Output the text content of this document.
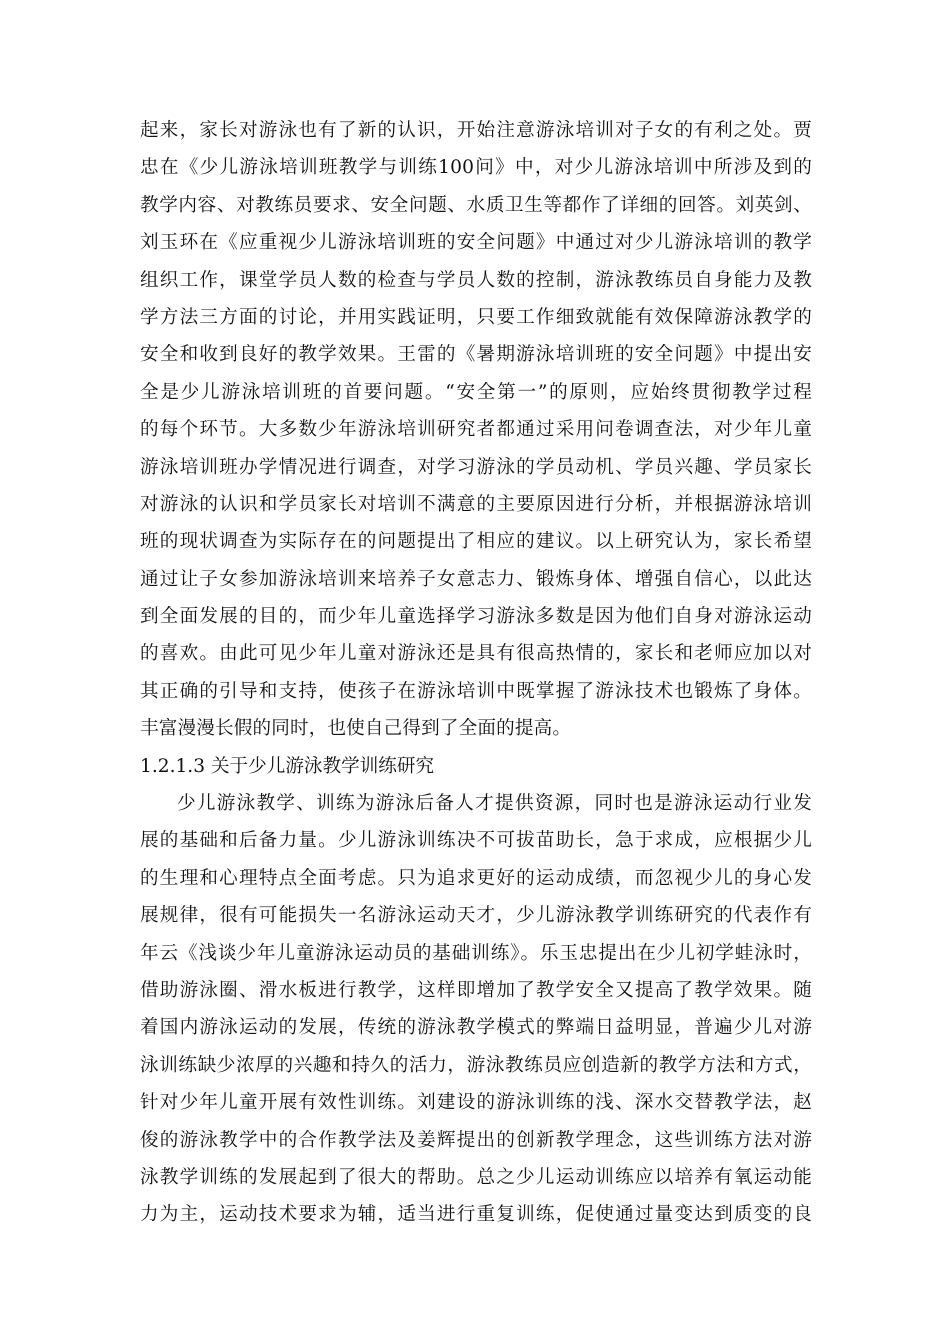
起来，家长对游泳也有了新的认识，开始注意游泳培训对子女的有利之处。贾
忠在《少儿游泳培训班教学与训练100问》中，对少儿游泳培训中所涉及到的
教学内容、对教练员要求、安全问题、水质卫生等都作了详细的回答。刘英剑、
刘玉环在《应重视少儿游泳培训班的安全问题》中通过对少儿游泳培训的教学
组织工作，课堂学员人数的检查与学员人数的控制，游泳教练员自身能力及教
学方法三方面的讨论，并用实践证明，只要工作细致就能有效保障游泳教学的
安全和收到良好的教学效果。王雷的《暑期游泳培训班的安全问题》中提出安
全是少儿游泳培训班的首要问题。“安全第一”的原则，应始终贯彻教学过程
的每个环节。大多数少年游泳培训研究者都通过采用问卷调查法，对少年儿童
游泳培训班办学情况进行调查，对学习游泳的学员动机、学员兴趣、学员家长
对游泳的认识和学员家长对培训不满意的主要原因进行分析，并根据游泳培训
班的现状调查为实际存在的问题提出了相应的建议。以上研究认为，家长希望
通过让子女参加游泳培训来培养子女意志力、锻炼身体、增强自信心，以此达
到全面发展的目的，而少年儿童选择学习游泳多数是因为他们自身对游泳运动
的喜欢。由此可见少年儿童对游泳还是具有很高热情的，家长和老师应加以对
其正确的引导和支持，使孩子在游泳培训中既掌握了游泳技术也锻炼了身体。
丰富漫漫长假的同时，也使自己得到了全面的提高。
1.2.1.3 关于少儿游泳教学训练研究
少儿游泳教学、训练为游泳后备人才提供资源，同时也是游泳运动行业发
展的基础和后备力量。少儿游泳训练决不可拔苗助长，急于求成，应根据少儿
的生理和心理特点全面考虑。只为追求更好的运动成绩，而忽视少儿的身心发
展规律，很有可能损失一名游泳运动天才，少儿游泳教学训练研究的代表作有
年云《浅谈少年儿童游泳运动员的基础训练》。乐玉忠提出在少儿初学蛙泳时，
借助游泳圈、滑水板进行教学，这样即增加了教学安全又提高了教学效果。随
着国内游泳运动的发展，传统的游泳教学模式的弊端日益明显，普遍少儿对游
泳训练缺少浓厚的兴趣和持久的活力，游泳教练员应创造新的教学方法和方式，
针对少年儿童开展有效性训练。刘建设的游泳训练的浅、深水交替教学法，赵
俊的游泳教学中的合作教学法及姜辉提出的创新教学理念，这些训练方法对游
泳教学训练的发展起到了很大的帮助。总之少儿运动训练应以培养有氧运动能
力为主，运动技术要求为辅，适当进行重复训练，促使通过量变达到质变的良
